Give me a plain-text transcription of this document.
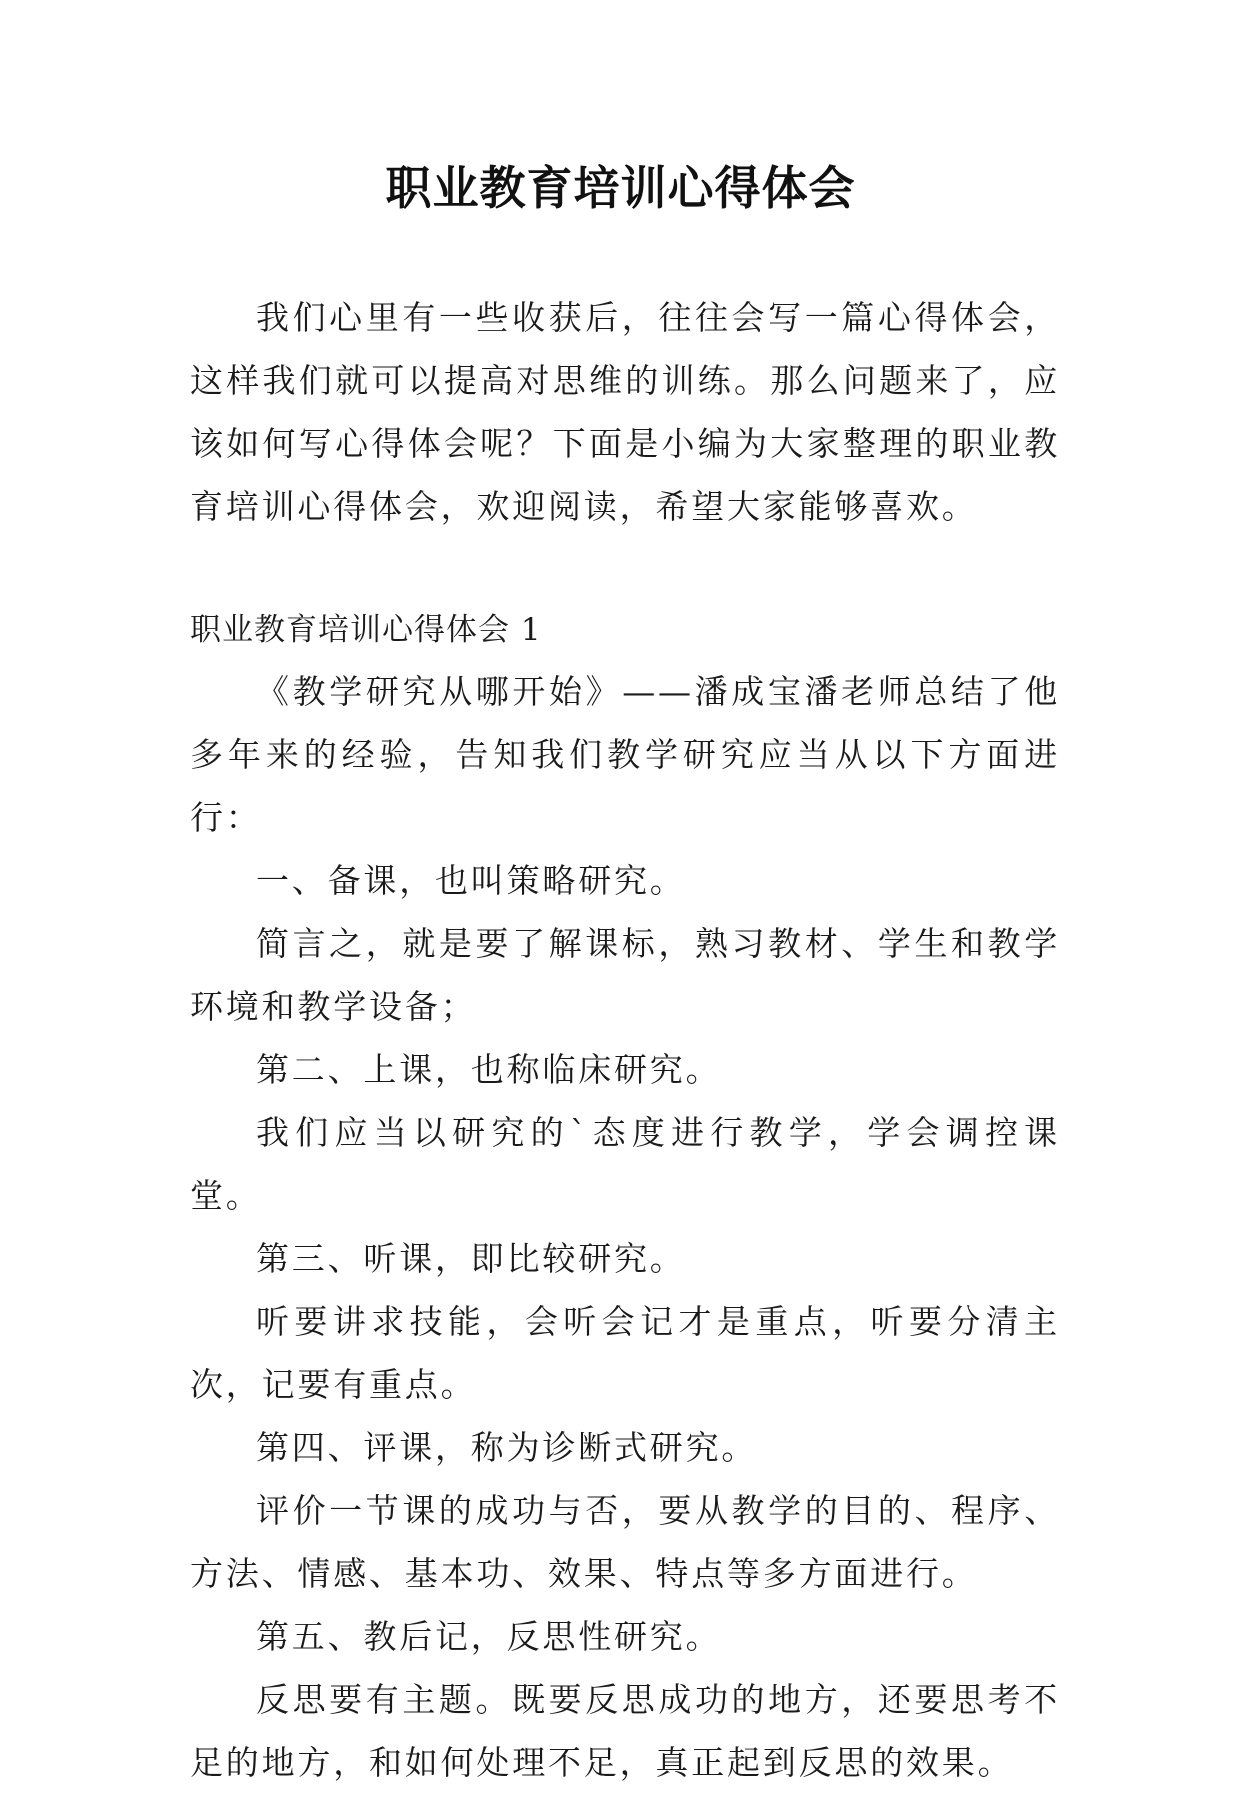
职业教育培训心得体会

我们心里有一些收获后，往往会写一篇心得体会，这样我们就可以提高对思维的训练。那么问题来了，应该如何写心得体会呢？下面是小编为大家整理的职业教育培训心得体会，欢迎阅读，希望大家能够喜欢。

职业教育培训心得体会 1

《教学研究从哪开始》——潘成宝潘老师总结了他多年来的经验，告知我们教学研究应当从以下方面进行：

一、备课，也叫策略研究。

简言之，就是要了解课标，熟习教材、学生和教学环境和教学设备；

第二、上课，也称临床研究。

我们应当以研究的`态度进行教学，学会调控课堂。

第三、听课，即比较研究。

听要讲求技能，会听会记才是重点，听要分清主次，记要有重点。

第四、评课，称为诊断式研究。

评价一节课的成功与否，要从教学的目的、程序、方法、情感、基本功、效果、特点等多方面进行。

第五、教后记，反思性研究。

反思要有主题。既要反思成功的地方，还要思考不足的地方，和如何处理不足，真正起到反思的效果。
